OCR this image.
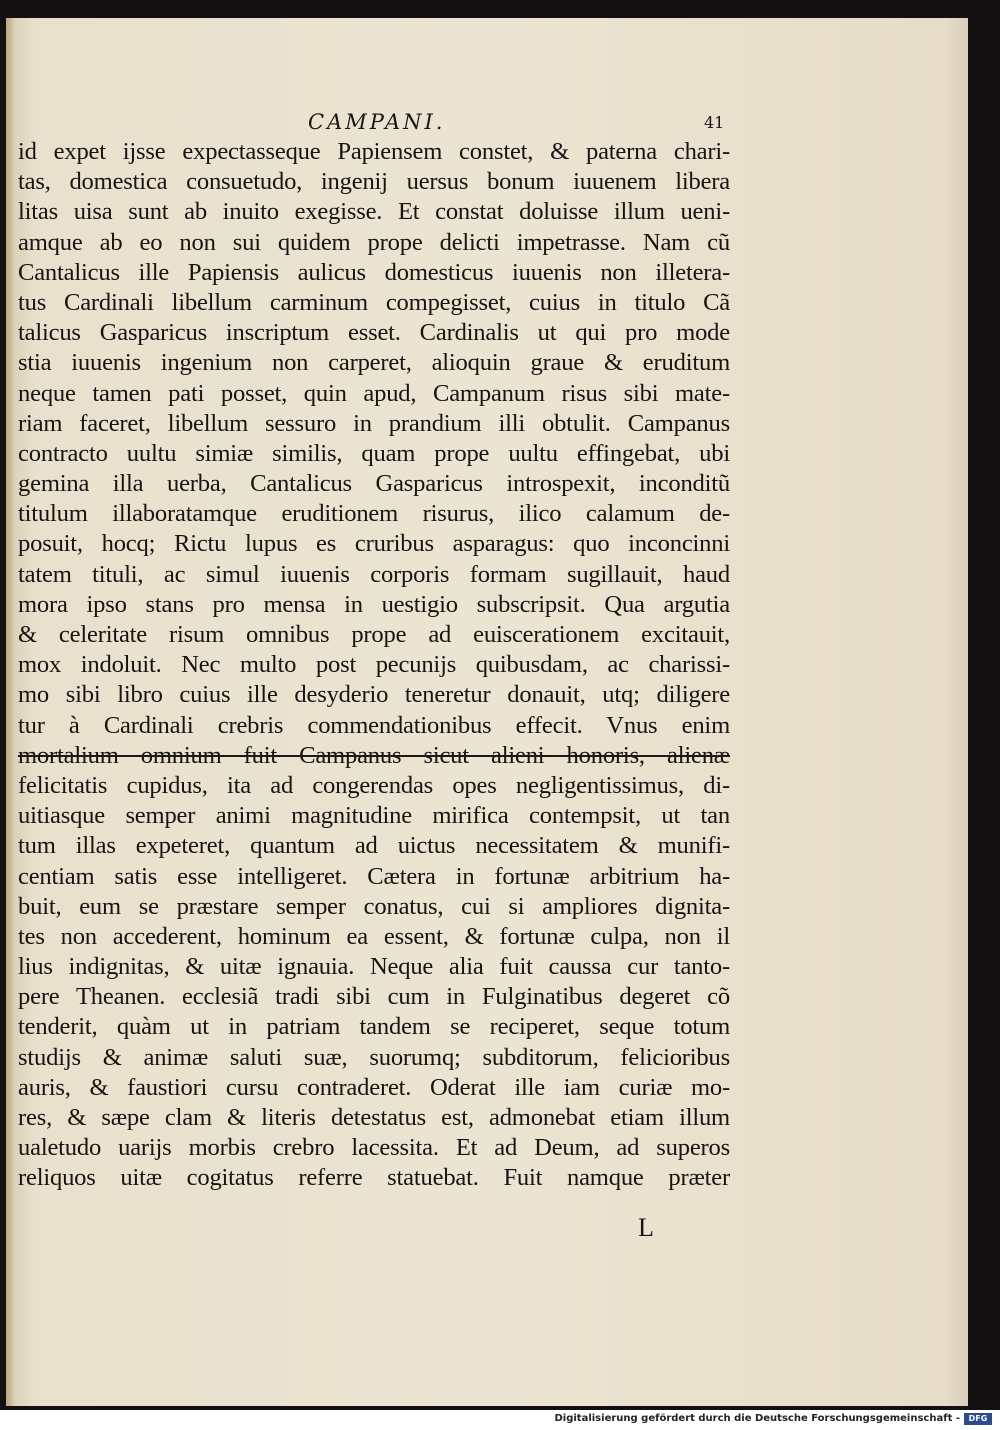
CAMPANI.	41
id expet ijsse expectasseque Papiensem constet, & paterna chari-
tas, domestica consuetudo, ingenij uersus bonum iuuenem libera
litas uisa sunt ab inuito exegisse. Et constat doluisse illum ueni-
amque ab eo non sui quidem prope delicti impetrasse. Nam cũ
Cantalicus ille Papiensis aulicus domesticus iuuenis non illetera-
tus Cardinali libellum carminum compegisset, cuius in titulo Cã
talicus Gasparicus inscriptum esset. Cardinalis ut qui pro mode
stia iuuenis ingenium non carperet, alioquin graue & eruditum
neque tamen pati posset, quin apud, Campanum risus sibi mate-
riam faceret, libellum sessuro in prandium illi obtulit. Campanus
contracto uultu simiæ similis, quam prope uultu effingebat, ubi
gemina illa uerba, Cantalicus Gasparicus introspexit, inconditũ
titulum illaboratamque eruditionem risurus, ilico calamum de-
posuit, hocq; Rictu lupus es cruribus asparagus: quo inconcinni
tatem tituli, ac simul iuuenis corporis formam sugillauit, haud
mora ipso stans pro mensa in uestigio subscripsit. Qua argutia
& celeritate risum omnibus prope ad euiscerationem excitauit,
mox indoluit. Nec multo post pecunijs quibusdam, ac charissi-
mo sibi libro cuius ille desyderio teneretur donauit, utq; diligere
tur à Cardinali crebris commendationibus effecit. Vnus enim
mortalium omnium fuit Campanus sicut alieni honoris, alienæ
felicitatis cupidus, ita ad congerendas opes negligentissimus, di-
uitiasque semper animi magnitudine mirifica contempsit, ut tan
tum illas expeteret, quantum ad uictus necessitatem & munifi-
centiam satis esse intelligeret. Cætera in fortunæ arbitrium ha-
buit, eum se præstare semper conatus, cui si ampliores dignita-
tes non accederent, hominum ea essent, & fortunæ culpa, non il
lius indignitas, & uitæ ignauia. Neque alia fuit caussa cur tanto-
pere Theanen. ecclesiã tradi sibi cum in Fulginatibus degeret cõ
tenderit, quàm ut in patriam tandem se reciperet, seque totum
studijs & animæ saluti suæ, suorumq; subditorum, felicioribus
auris, & faustiori cursu contraderet. Oderat ille iam curiæ mo-
res, & sæpe clam & literis detestatus est, admonebat etiam illum
ualetudo uarijs morbis crebro lacessita. Et ad Deum, ad superos
reliquos uitæ cogitatus referre statuebat. Fuit namque præter
L
Digitalisierung gefördert durch die Deutsche Forschungsgemeinschaft -	DFG
